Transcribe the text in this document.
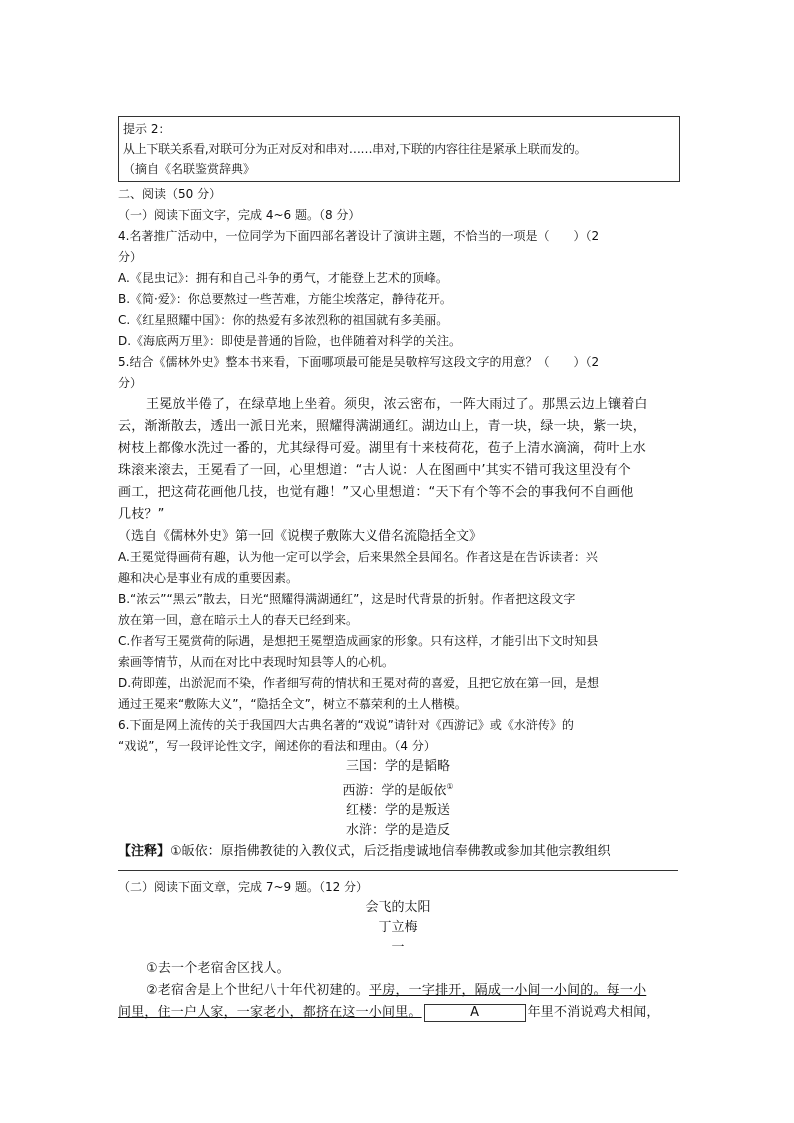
提示 2：
从上下联关系看,对联可分为正对反对和串对……串对,下联的内容往往是紧承上联而发的。
（摘自《名联鉴赏辞典》
二、阅读（50 分）
（一）阅读下面文字，完成 4~6 题。（8 分）
4.名著推广活动中，一位同学为下面四部名著设计了演讲主题，不恰当的一项是（　　）（2
分）
A.《昆虫记》：拥有和自己斗争的勇气，才能登上艺术的顶峰。
B.《简·爱》：你总要熬过一些苦难，方能尘埃落定，静待花开。
C.《红星照耀中国》：你的热爱有多浓烈称的祖国就有多美丽。
D.《海底两万里》：即使是普通的旨险，也伴随着对科学的关注。
5.结合《儒林外史》整本书来看，下面哪项最可能是吴敬梓写这段文字的用意？（　　）（2
分）
王冕放半倦了，在绿草地上坐着。须臾，浓云密布，一阵大雨过了。那黑云边上镶着白
云，渐渐散去，透出一派日光来，照耀得满湖通红。湖边山上，青一块，绿一块，紫一块，
树枝上都像水洗过一番的，尤其绿得可爱。湖里有十来枝荷花，苞子上清水滴滴，荷叶上水
珠滚来滚去，王冕看了一回，心里想道：“古人说：人在图画中’其实不错可我这里没有个
画工，把这荷花画他几技，也觉有趣！”又心里想道：“天下有个等不会的事我何不自画他
几枝？”
（选自《儒林外史》第一回《说楔子敷陈大义借名流隐括全文》
A.王冕觉得画荷有趣，认为他一定可以学会，后来果然全县闻名。作者这是在告诉读者：兴
趣和决心是事业有成的重要因素。
B.“浓云”“黑云”散去，日光“照耀得满湖通红”，这是时代背景的折射。作者把这段文字
放在第一回，意在暗示土人的春天已经到来。
C.作者写王冕赏荷的际遇，是想把王冕塑造成画家的形象。只有这样，才能引出下文时知县
索画等情节，从而在对比中表现时知县等人的心机。
D.荷即莲，出淤泥而不染，作者细写荷的情状和王冕对荷的喜爱，且把它放在第一回，是想
通过王冕来“敷陈大义”，“隐括全文”，树立不慕荣利的土人楷模。
6.下面是网上流传的关于我国四大古典名著的“戏说”请针对《西游记》或《水浒传》的
“戏说”，写一段评论性文字，阐述你的看法和理由。（4 分）
三国：学的是韬略
西游：学的是皈依①
红楼：学的是叛送
水浒：学的是造反
【注释】①皈依：原指佛教徒的入教仪式，后泛指虔诚地信奉佛教或参加其他宗教组织
（二）阅读下面文章，完成 7~9 题。（12 分）
会飞的太阳
丁立梅
一
①去一个老宿舍区找人。
②老宿舍是上个世纪八十年代初建的。平房，一字排开，隔成一小间一小间的。每一小
间里，住一户人家，一家老小，都挤在这一小间里。	A	年里不消说鸡犬相闻，
